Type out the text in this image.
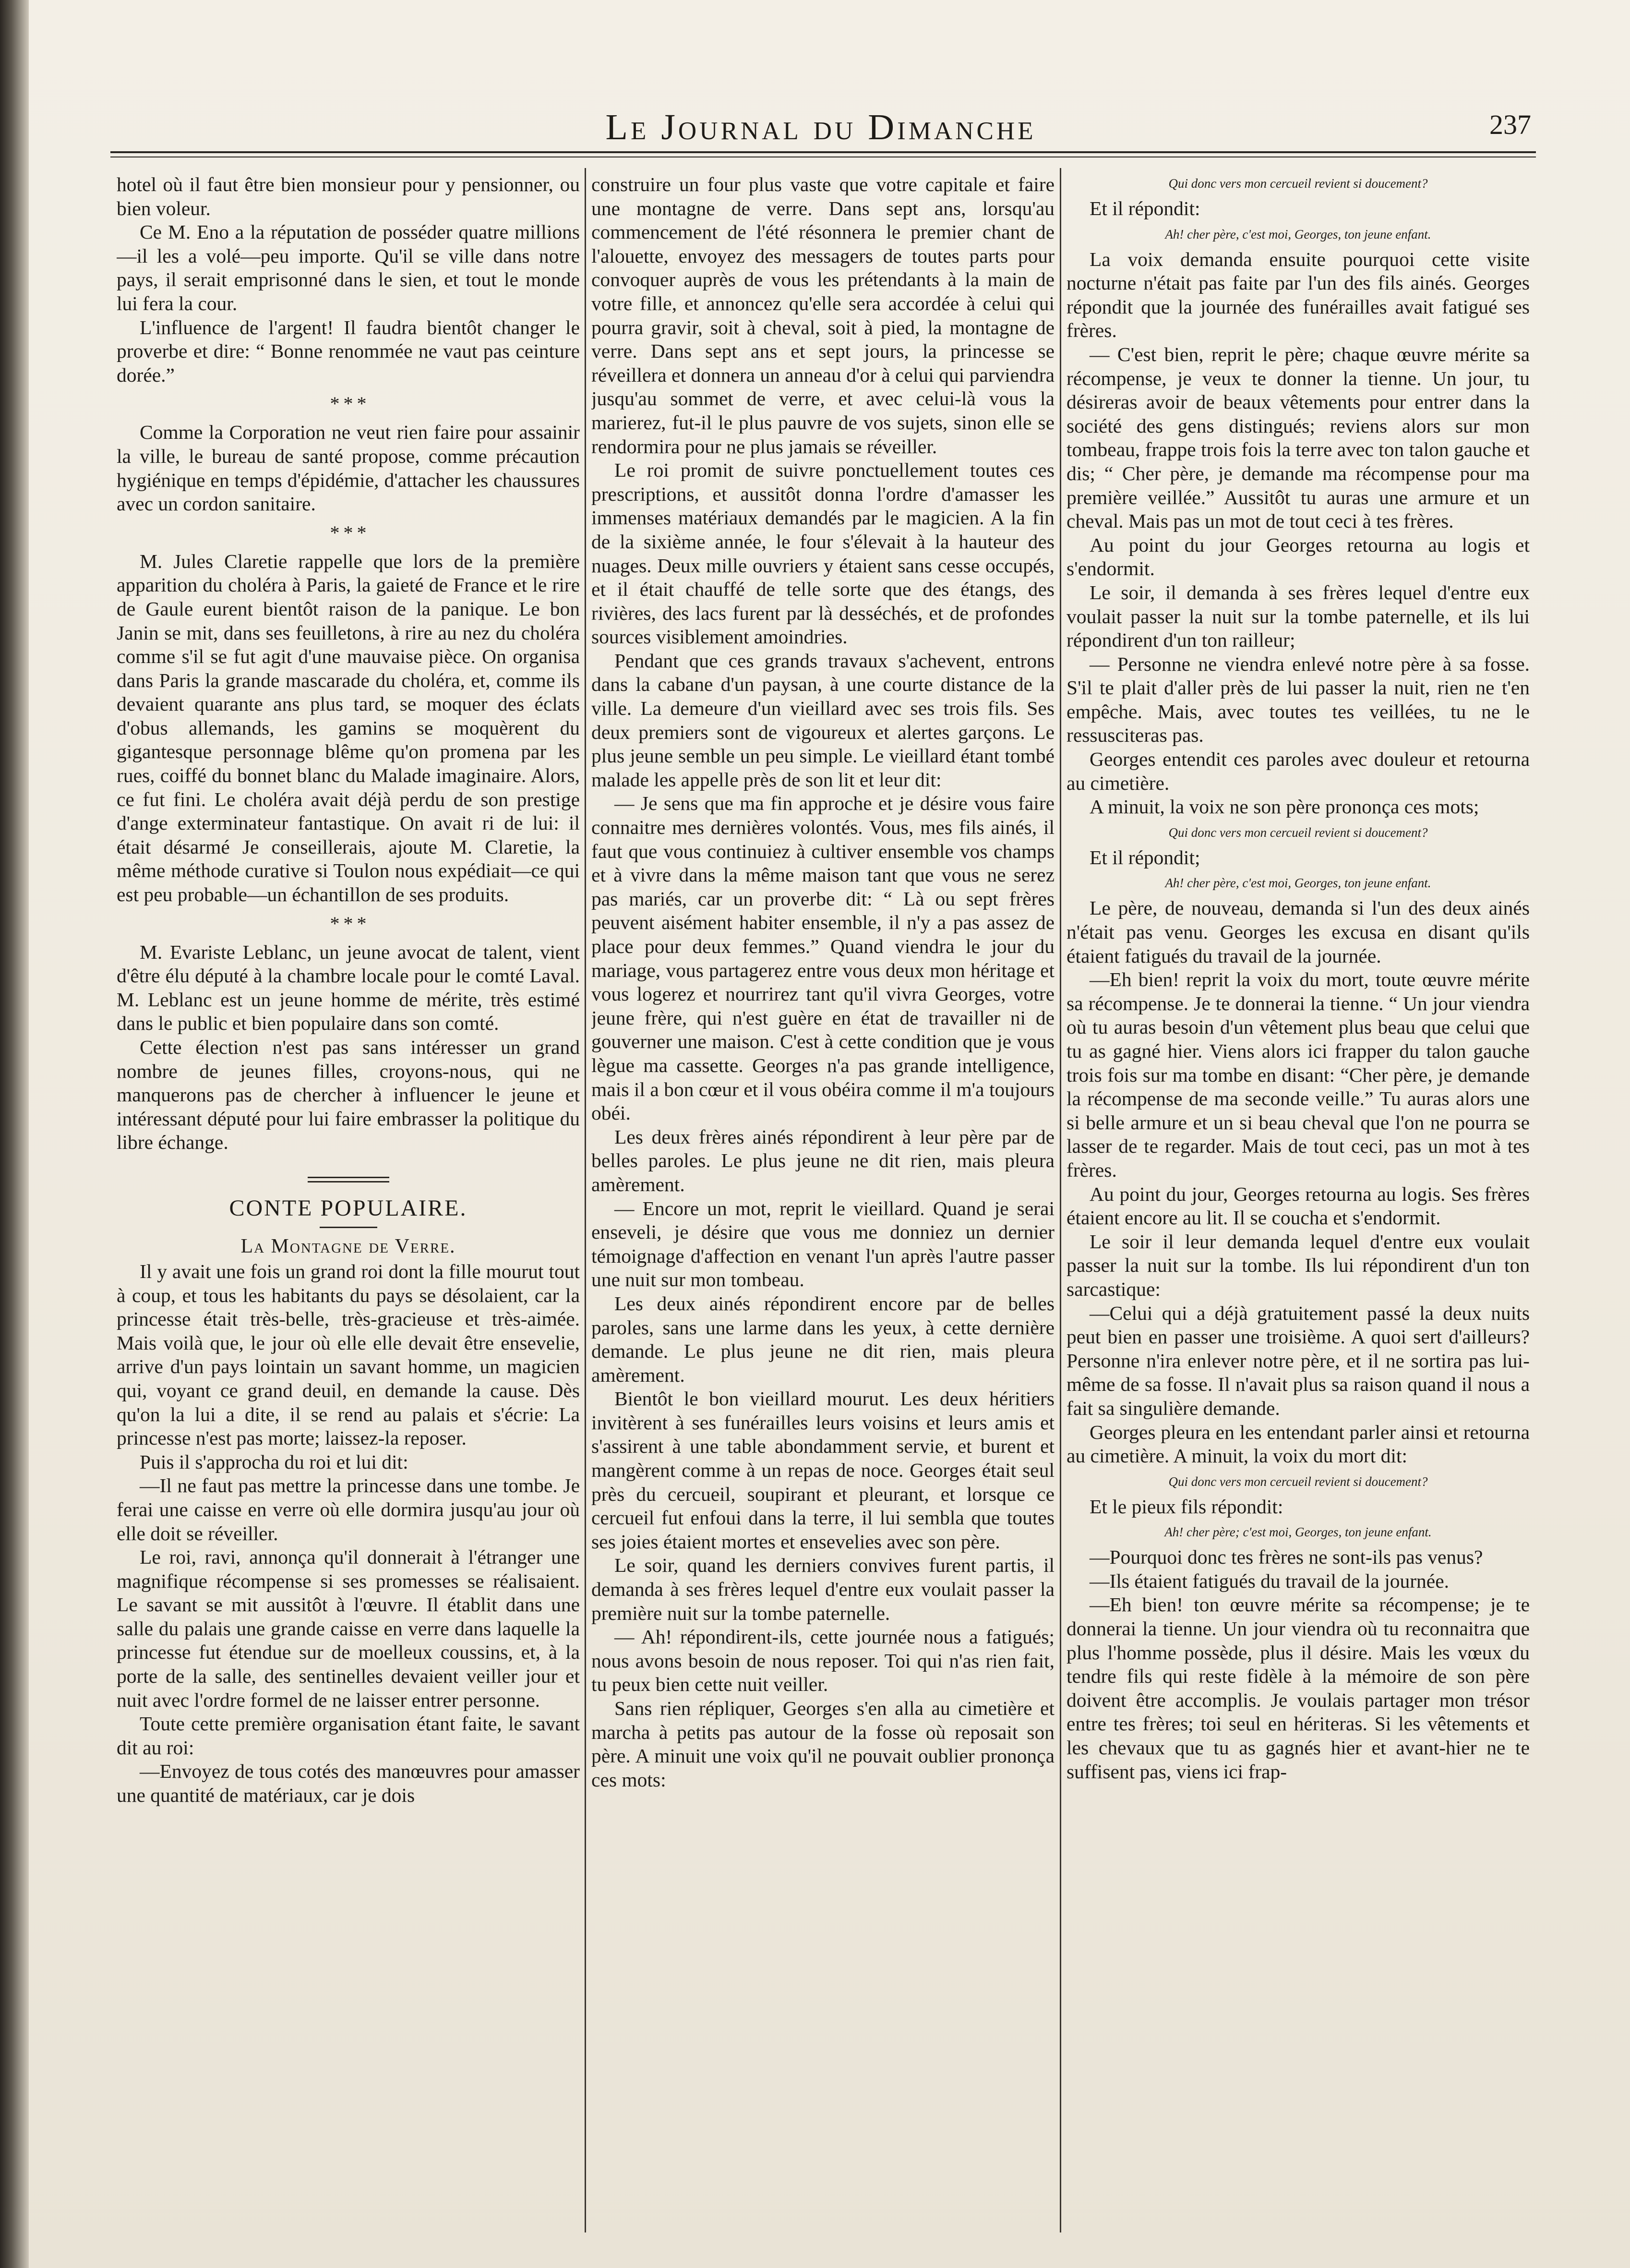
Le Journal du Dimanche	237

hotel où il faut être bien monsieur pour y pensionner, ou bien voleur.

Ce M. Eno a la réputation de posséder quatre millions—il les a volé—peu importe. Qu'il se ville dans notre pays, il serait emprisonné dans le sien, et tout le monde lui fera la cour.

L'influence de l'argent! Il faudra bientôt changer le proverbe et dire: “ Bonne renommée ne vaut pas ceinture dorée.”

* * *

Comme la Corporation ne veut rien faire pour assainir la ville, le bureau de santé propose, comme précaution hygiénique en temps d'épidémie, d'attacher les chaussures avec un cordon sanitaire.

* * *

M. Jules Claretie rappelle que lors de la première apparition du choléra à Paris, la gaieté de France et le rire de Gaule eurent bientôt raison de la panique. Le bon Janin se mit, dans ses feuilletons, à rire au nez du choléra comme s'il se fut agit d'une mauvaise pièce. On organisa dans Paris la grande mascarade du choléra, et, comme ils devaient quarante ans plus tard, se moquer des éclats d'obus allemands, les gamins se moquèrent du gigantesque personnage blême qu'on promena par les rues, coiffé du bonnet blanc du Malade imaginaire. Alors, ce fut fini. Le choléra avait déjà perdu de son prestige d'ange exterminateur fantastique. On avait ri de lui: il était désarmé Je conseillerais, ajoute M. Claretie, la même méthode curative si Toulon nous expédiait—ce qui est peu probable—un échantillon de ses produits.

* * *

M. Evariste Leblanc, un jeune avocat de talent, vient d'être élu député à la chambre locale pour le comté Laval. M. Leblanc est un jeune homme de mérite, très estimé dans le public et bien populaire dans son comté.

Cette élection n'est pas sans intéresser un grand nombre de jeunes filles, croyons-nous, qui ne manquerons pas de chercher à influencer le jeune et intéressant député pour lui faire embrasser la politique du libre échange.

CONTE POPULAIRE.
La Montagne de Verre.

Il y avait une fois un grand roi dont la fille mourut tout à coup, et tous les habitants du pays se désolaient, car la princesse était très-belle, très-gracieuse et très-aimée. Mais voilà que, le jour où elle elle devait être ensevelie, arrive d'un pays lointain un savant homme, un magicien qui, voyant ce grand deuil, en demande la cause. Dès qu'on la lui a dite, il se rend au palais et s'écrie: La princesse n'est pas morte; laissez-la reposer.

Puis il s'approcha du roi et lui dit:

—Il ne faut pas mettre la princesse dans une tombe. Je ferai une caisse en verre où elle dormira jusqu'au jour où elle doit se réveiller.

Le roi, ravi, annonça qu'il donnerait à l'étranger une magnifique récompense si ses promesses se réalisaient. Le savant se mit aussitôt à l'œuvre. Il établit dans une salle du palais une grande caisse en verre dans laquelle la princesse fut étendue sur de moelleux coussins, et, à la porte de la salle, des sentinelles devaient veiller jour et nuit avec l'ordre formel de ne laisser entrer personne.

Toute cette première organisation étant faite, le savant dit au roi:

—Envoyez de tous cotés des manœuvres pour amasser une quantité de matériaux, car je dois

construire un four plus vaste que votre capitale et faire une montagne de verre. Dans sept ans, lorsqu'au commencement de l'été résonnera le premier chant de l'alouette, envoyez des messagers de toutes parts pour convoquer auprès de vous les prétendants à la main de votre fille, et annoncez qu'elle sera accordée à celui qui pourra gravir, soit à cheval, soit à pied, la montagne de verre. Dans sept ans et sept jours, la princesse se réveillera et donnera un anneau d'or à celui qui parviendra jusqu'au sommet de verre, et avec celui-là vous la marierez, fut-il le plus pauvre de vos sujets, sinon elle se rendormira pour ne plus jamais se réveiller.

Le roi promit de suivre ponctuellement toutes ces prescriptions, et aussitôt donna l'ordre d'amasser les immenses matériaux demandés par le magicien. A la fin de la sixième année, le four s'élevait à la hauteur des nuages. Deux mille ouvriers y étaient sans cesse occupés, et il était chauffé de telle sorte que des étangs, des rivières, des lacs furent par là desséchés, et de profondes sources visiblement amoindries.

Pendant que ces grands travaux s'achevent, entrons dans la cabane d'un paysan, à une courte distance de la ville. La demeure d'un vieillard avec ses trois fils. Ses deux premiers sont de vigoureux et alertes garçons. Le plus jeune semble un peu simple. Le vieillard étant tombé malade les appelle près de son lit et leur dit:

— Je sens que ma fin approche et je désire vous faire connaitre mes dernières volontés. Vous, mes fils ainés, il faut que vous continuiez à cultiver ensemble vos champs et à vivre dans la même maison tant que vous ne serez pas mariés, car un proverbe dit: “ Là ou sept frères peuvent aisément habiter ensemble, il n'y a pas assez de place pour deux femmes.” Quand viendra le jour du mariage, vous partagerez entre vous deux mon héritage et vous logerez et nourrirez tant qu'il vivra Georges, votre jeune frère, qui n'est guère en état de travailler ni de gouverner une maison. C'est à cette condition que je vous lègue ma cassette. Georges n'a pas grande intelligence, mais il a bon cœur et il vous obéira comme il m'a toujours obéi.

Les deux frères ainés répondirent à leur père par de belles paroles. Le plus jeune ne dit rien, mais pleura amèrement.

— Encore un mot, reprit le vieillard. Quand je serai enseveli, je désire que vous me donniez un dernier témoignage d'affection en venant l'un après l'autre passer une nuit sur mon tombeau.

Les deux ainés répondirent encore par de belles paroles, sans une larme dans les yeux, à cette dernière demande. Le plus jeune ne dit rien, mais pleura amèrement.

Bientôt le bon vieillard mourut. Les deux héritiers invitèrent à ses funérailles leurs voisins et leurs amis et s'assirent à une table abondamment servie, et burent et mangèrent comme à un repas de noce. Georges était seul près du cercueil, soupirant et pleurant, et lorsque ce cercueil fut enfoui dans la terre, il lui sembla que toutes ses joies étaient mortes et ensevelies avec son père.

Le soir, quand les derniers convives furent partis, il demanda à ses frères lequel d'entre eux voulait passer la première nuit sur la tombe paternelle.

— Ah! répondirent-ils, cette journée nous a fatigués; nous avons besoin de nous reposer. Toi qui n'as rien fait, tu peux bien cette nuit veiller.

Sans rien répliquer, Georges s'en alla au cimetière et marcha à petits pas autour de la fosse où reposait son père. A minuit une voix qu'il ne pouvait oublier prononça ces mots:

Qui donc vers mon cercueil revient si doucement?

Et il répondit:

Ah! cher père, c'est moi, Georges, ton jeune enfant.

La voix demanda ensuite pourquoi cette visite nocturne n'était pas faite par l'un des fils ainés. Georges répondit que la journée des funérailles avait fatigué ses frères.

— C'est bien, reprit le père; chaque œuvre mérite sa récompense, je veux te donner la tienne. Un jour, tu désireras avoir de beaux vêtements pour entrer dans la société des gens distingués; reviens alors sur mon tombeau, frappe trois fois la terre avec ton talon gauche et dis; “ Cher père, je demande ma récompense pour ma première veillée.” Aussitôt tu auras une armure et un cheval. Mais pas un mot de tout ceci à tes frères.

Au point du jour Georges retourna au logis et s'endormit.

Le soir, il demanda à ses frères lequel d'entre eux voulait passer la nuit sur la tombe paternelle, et ils lui répondirent d'un ton railleur;

— Personne ne viendra enlevé notre père à sa fosse. S'il te plait d'aller près de lui passer la nuit, rien ne t'en empêche. Mais, avec toutes tes veillées, tu ne le ressusciteras pas.

Georges entendit ces paroles avec douleur et retourna au cimetière.

A minuit, la voix ne son père prononça ces mots;

Qui donc vers mon cercueil revient si doucement?

Et il répondit;

Ah! cher père, c'est moi, Georges, ton jeune enfant.

Le père, de nouveau, demanda si l'un des deux ainés n'était pas venu. Georges les excusa en disant qu'ils étaient fatigués du travail de la journée.

—Eh bien! reprit la voix du mort, toute œuvre mérite sa récompense. Je te donnerai la tienne. “ Un jour viendra où tu auras besoin d'un vêtement plus beau que celui que tu as gagné hier. Viens alors ici frapper du talon gauche trois fois sur ma tombe en disant: “Cher père, je demande la récompense de ma seconde veille.” Tu auras alors une si belle armure et un si beau cheval que l'on ne pourra se lasser de te regarder. Mais de tout ceci, pas un mot à tes frères.

Au point du jour, Georges retourna au logis. Ses frères étaient encore au lit. Il se coucha et s'endormit.

Le soir il leur demanda lequel d'entre eux voulait passer la nuit sur la tombe. Ils lui répondirent d'un ton sarcastique:

—Celui qui a déjà gratuitement passé la deux nuits peut bien en passer une troisième. A quoi sert d'ailleurs? Personne n'ira enlever notre père, et il ne sortira pas lui-même de sa fosse. Il n'avait plus sa raison quand il nous a fait sa singulière demande.

Georges pleura en les entendant parler ainsi et retourna au cimetière. A minuit, la voix du mort dit:

Qui donc vers mon cercueil revient si doucement?

Et le pieux fils répondit:

Ah! cher père; c'est moi, Georges, ton jeune enfant.

—Pourquoi donc tes frères ne sont-ils pas venus?

—Ils étaient fatigués du travail de la journée.

—Eh bien! ton œuvre mérite sa récompense; je te donnerai la tienne. Un jour viendra où tu reconnaitra que plus l'homme possède, plus il désire. Mais les vœux du tendre fils qui reste fidèle à la mémoire de son père doivent être accomplis. Je voulais partager mon trésor entre tes frères; toi seul en hériteras. Si les vêtements et les chevaux que tu as gagnés hier et avant-hier ne te suffisent pas, viens ici frap-
